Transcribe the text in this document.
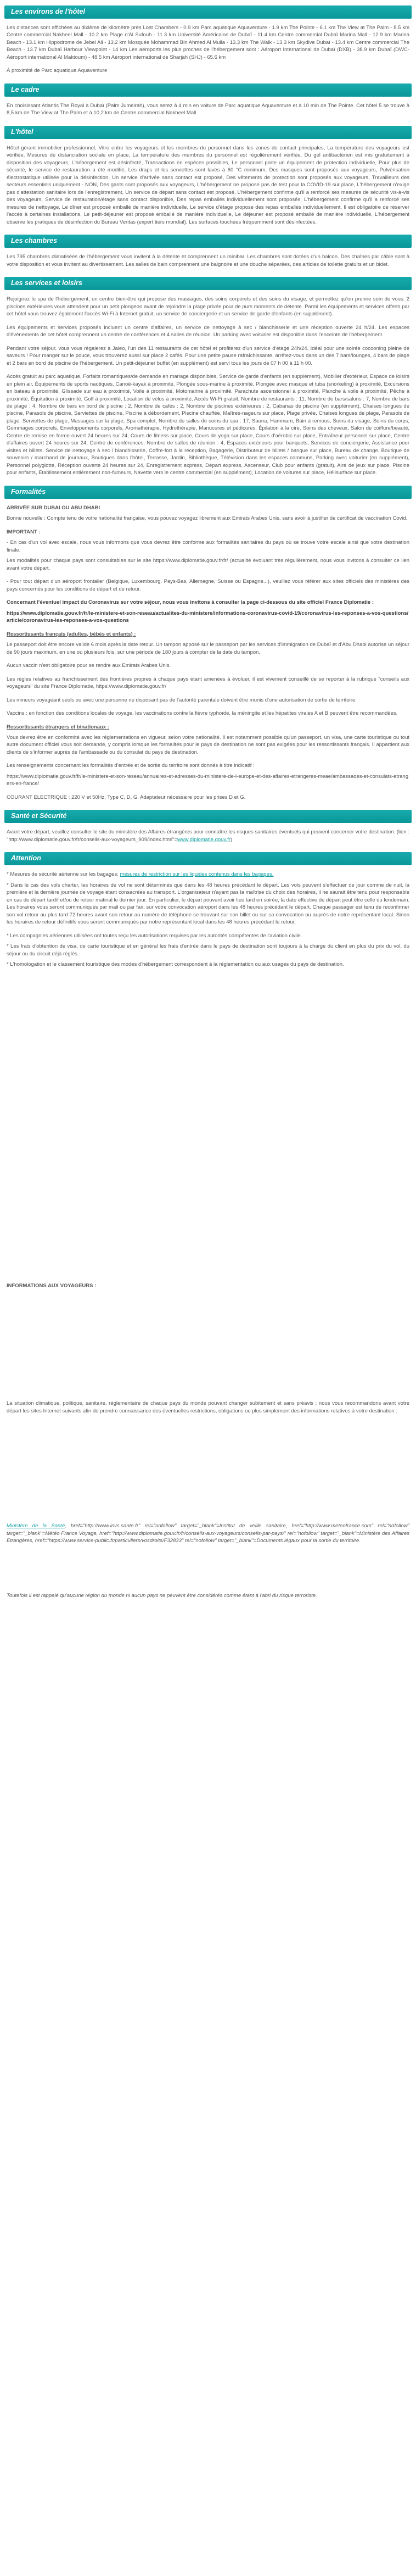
Les environs de l'hôtel

Les distances sont affichées au dixième de kilomètre près Lost Chambers - 0.9 km Parc aquatique Aquaventure - 1.9 km The Pointe - 6.1 km The View at The Palm - 8.5 km Centre commercial Nakheel Mall - 10.2 km Plage d'Al Sufouh - 11.3 km Université Américaine de Dubaï - 11.4 km Centre commercial Dubaï Marina Mall - 12.9 km Marina Beach - 13.1 km Hippodrome de Jebel Ali - 13.2 km Mosquée Mohammad Bin Ahmed Al Mulla - 13.3 km The Walk - 13.3 km Skydive Dubaï - 13.4 km Centre commercial The Beach - 13.7 km Dubaï Harbour Viewpoint - 14 km Les aéroports les plus proches de l'hébergement sont : Aéroport International de Dubaï (DXB) - 38.9 km Dubaï (DWC-Aéroport international Al Maktoum) - 48.5 km Aéroport international de Sharjah (SHJ) - 65.6 km

À proximité de Parc aquatique Aquaventure

Le cadre

En choisissant Atlantis The Royal à Dubaï (Palm Jumeirah), vous serez à 4 min en voiture de Parc aquatique Aquaventure et à 10 min de The Pointe. Cet hôtel 5 se trouve à 8,5 km de The View at The Palm et à 10,2 km de Centre commercial Nakheel Mall.

L'hôtel

Hôtel gérant immobilier professionnel, Vitre entre les voyageurs et les membres du personnel dans les zones de contact principales, La température des voyageurs est vérifiée, Mesures de distanciation sociale en place, La température des membres du personnel est régulièrement vérifiée, Du gel antibactérien est mis gratuitement à disposition des voyageurs, L'hébergement est désinfecté, Transactions en espèces possibles, Le personnel porte un équipement de protection individuelle, Pour plus de sécurité, le service de restauration a été modifié, Les draps et les serviettes sont lavés à 60 °C minimum, Des masques sont proposés aux voyageurs, Pulvérisation électrostatique utilisée pour la désinfection, Un service d'arrivée sans contact est proposé, Des vêtements de protection sont proposés aux voyageurs, Travailleurs des secteurs essentiels uniquement - NON, Des gants sont proposés aux voyageurs, L'hébergement ne propose pas de test pour la COVID-19 sur place, L'hébergement n'exige pas d'attestation sanitaire lors de l'enregistrement, Un service de départ sans contact est proposé, L'hébergement confirme qu'il a renforcé ses mesures de sécurité vis-à-vis des voyageurs, Service de restauration/étage sans contact disponible, Des repas emballés individuellement sont proposés, L'hébergement confirme qu'il a renforcé ses mesures de nettoyage, Le dîner est proposé emballé de manière individuelle, Le service d'étage propose des repas emballés individuellement, Il est obligatoire de réserver l'accès à certaines installations, Le petit-déjeuner est proposé emballé de manière individuelle, Le déjeuner est proposé emballé de manière individuelle, L'hébergement observe les pratiques de désinfection du Bureau Veritas (expert tiers mondial), Les surfaces touchées fréquemment sont désinfectées.

Les chambres

Les 795 chambres climatisées de l'hébergement vous invitent à la détente et comprennent un minibar. Les chambres sont dotées d'un balcon. Des chaînes par câble sont à votre disposition et vous invitent au divertissement. Les salles de bain comprennent une baignoire et une douche séparées, des articles de toilette gratuits et un bidet.

Les services et loisirs

Rejoignez le spa de l'hébergement, un centre bien-être qui propose des massages, des soins corporels et des soins du visage, et permettez qu'on prenne soin de vous. 2 piscines extérieures vous attendent pour un petit plongeon avant de rejoindre la plage privée pour de purs moments de détente. Parmi les équipements et services offerts par cet hôtel vous trouvez également l'accès Wi-Fi à Internet gratuit, un service de conciergerie et un service de garde d'enfants (en supplément).

Les équipements et services proposés incluent un centre d'affaires, un service de nettoyage à sec / blanchisserie et une réception ouverte 24 h/24. Les espaces d'événements de cet hôtel comprennent un centre de conférences et 4 salles de réunion. Un parking avec voiturier est disponible dans l'enceinte de l'hébergement.

Pendant votre séjour, vous vous régalerez à Jaleo, l'un des 11 restaurants de cet hôtel et profiterez d'un service d'étage 24h/24. Idéal pour une soirée cocooning pleine de saveurs ! Pour manger sur le pouce, vous trouverez aussi sur place 2 cafés. Pour une petite pause rafraîchissante, arrêtez-vous dans un des 7 bars/lounges, 4 bars de plage et 2 bars en bord de piscine de l'hébergement. Un petit-déjeuner buffet (en supplément) est servi tous les jours de 07 h 00 à 11 h 00.

Accès gratuit au parc aquatique, Forfaits romantiques/de demande en mariage disponibles, Service de garde d'enfants (en supplément), Mobilier d'extérieur, Espace de loisirs en plein air, Équipements de sports nautiques, Canoë-kayak à proximité, Plongée sous-marine à proximité, Plongée avec masque et tuba (snorkeling) à proximité, Excursions en bateau à proximité, Glissade sur eau à proximité, Voile à proximité, Motomarine à proximité, Parachute ascensionnel à proximité, Planche à voile à proximité, Pêche à proximité, Équitation à proximité, Golf à proximité, Location de vélos à proximité, Accès Wi-Fi gratuit, Nombre de restaurants : 11, Nombre de bars/salons : 7, Nombre de bars de plage : 4, Nombre de bars en bord de piscine : 2, Nombre de cafés : 2, Nombre de piscines extérieures : 2, Cabanas de piscine (en supplément), Chaises longues de piscine, Parasols de piscine, Serviettes de piscine, Piscine à débordement, Piscine chauffée, Maîtres-nageurs sur place, Plage privée, Chaises longues de plage, Parasols de plage, Serviettes de plage, Massages sur la plage, Spa complet, Nombre de salles de soins du spa : 17, Sauna, Hammam, Bain à remous, Soins du visage, Soins du corps, Gommages corporels, Enveloppements corporels, Aromathérapie, Hydrothérapie, Manucures et pédicures, Épilation à la cire, Soins des cheveux, Salon de coiffure/beauté, Centre de remise en forme ouvert 24 heures sur 24, Cours de fitness sur place, Cours de yoga sur place, Cours d'aérobic sur place, Entraîneur personnel sur place, Centre d'affaires ouvert 24 heures sur 24, Centre de conférences, Nombre de salles de réunion : 4, Espaces extérieurs pour banquets, Services de conciergerie, Assistance pour visites et billets, Service de nettoyage à sec / blanchisserie, Coffre-fort à la réception, Bagagerie, Distributeur de billets / banque sur place, Bureau de change, Boutique de souvenirs / marchand de journaux, Boutiques dans l'hôtel, Terrasse, Jardin, Bibliothèque, Télévision dans les espaces communs, Parking avec voiturier (en supplément), Personnel polyglotte, Réception ouverte 24 heures sur 24, Enregistrement express, Départ express, Ascenseur, Club pour enfants (gratuit), Aire de jeux sur place, Piscine pour enfants, Établissement entièrement non-fumeurs, Navette vers le centre commercial (en supplément), Location de voitures sur place, Hélisurface sur place.

Formalités

ARRIVÉE SUR DUBAI OU ABU DHABI

Bonne nouvelle : Compte tenu de votre nationalité française, vous pouvez voyagez librement aux Emirats Arabes Unis, sans avoir à justifier de certificat de vaccination Covid.

IMPORTANT :

- En cas d'un vol avec escale, nous vous informons que vous devrez être conforme aux formalités sanitaires du pays où se trouve votre escale ainsi que votre destination finale.

Les modalités pour chaque pays sont consultables sur le site https://www.diplomatie.gouv.fr/fr/ (actualité évoluant très régulièrement, nous vous invitons à consulter ce lien avant votre départ.

- Pour tout départ d'un aéroport frontalier (Belgique, Luxembourg, Pays-Bas, Allemagne, Suisse ou Espagne...), veuillez vous référer aux sites officiels des ministères des pays concernés pour les conditions de départ et de retour.

Concernant l'éventuel impact du Coronavirus sur votre séjour, nous vous invitons à consulter la page ci-dessous du site officiel France Diplomatie :

https://www.diplomatie.gouv.fr/fr/le-ministere-et-son-reseau/actualites-du-ministere/informations-coronavirus-covid-19/coronavirus-les-reponses-a-vos-questions/article/coronavirus-les-reponses-a-vos-questions

Ressortissants français (adultes, bébés et enfants) :

Le passeport doit être encore valide 6 mois après la date retour. Un tampon apposé sur le passeport par les services d'immigration de Dubaï et d'Abu Dhabi autorise un séjour de 90 jours maximum, en une ou plusieurs fois, sur une période de 180 jours à compter de la date du tampon.

Aucun vaccin n'est obligatoire pour se rendre aux Emirats Arabes Unis.

Les règles relatives au franchissement des frontières propres à chaque pays étant amenées à évoluer, il est vivement conseillé de se reporter à la rubrique "conseils aux voyageurs" du site France Diplomatie, https://www.diplomatie.gouv.fr/

Les mineurs voyageant seuls ou avec une personne ne disposant pas de l'autorité parentale doivent être munis d'une autorisation de sortie de territoire.

Vaccins : en fonction des conditions locales de voyage, les vaccinations contre la fièvre typhoïde, la méningite et les hépatites virales A et B peuvent être recommandées.

Ressortissants étrangers et binationaux :

Vous devrez être en conformité avec les réglementations en vigueur, selon votre nationalité. Il est notamment possible qu'un passeport, un visa, une carte touristique ou tout autre document officiel vous soit demandé, y compris lorsque les formalités pour le pays de destination ne sont pas exigées pour les ressortissants français. Il appartient aux clients de s'informer auprès de l'ambassade ou du consulat du pays de destination.

Les renseignements concernant les formalités d'entrée et de sortie du territoire sont donnés à titre indicatif :

https://www.diplomatie.gouv.fr/fr/le-ministere-et-son-reseau/annuaires-et-adresses-du-ministere-de-l-europe-et-des-affaires-etrangeres-meae/ambassades-et-consulats-etrangers-en-france/

COURANT ELECTRIQUE : 220 V et 50Hz. Type C, D, G. Adaptateur nécessaire pour les prises D et G.

Santé et Sécurité

Avant votre départ, veuillez consulter le site du ministère des Affaires étrangères pour connaître les risques sanitaires éventuels qui peuvent concerner votre destination. (lien : "http://www.diplomatie.gouv.fr/fr/conseils-aux-voyageurs_909/index.html"=www.diplomatie.gouv.fr)

Attention

* Mesures de sécurité aérienne sur les bagages: mesures de restriction sur les liquides contenus dans les bagages.

* Dans le cas des vols charter, les horaires de vol ne sont déterminés que dans les 48 heures précédant le départ. Les vols peuvent s'effectuer de jour comme de nuit, la première et la dernière journée de voyage étant consacrées au transport. L'organisateur n'ayant pas la maîtrise du choix des horaires, il ne saurait être tenu pour responsable en cas de départ tardif et/ou de retour matinal le dernier jour. En particulier, le départ pouvant avoir lieu tard en soirée, la date effective de départ peut être celle du lendemain. Les horaires vous seront communiqués par mail ou par fax, sur votre convocation aéroport dans les 48 heures précédant le départ. Chaque passager est tenu de reconfirmer son vol retour au plus tard 72 heures avant son retour au numéro de téléphone se trouvant sur son billet ou sur sa convocation ou auprès de notre représentant local. Sinon les horaires de retour définitifs vous seront communiqués par notre représentant local dans les 48 heures précédant le retour.

* Les compagnies aériennes utilisées ont toutes reçu les autorisations requises par les autorités compétentes de l'aviation civile.

* Les frais d'obtention de visa, de carte touristique et en général les frais d'entrée dans le pays de destination sont toujours à la charge du client en plus du prix du vol, du séjour ou du circuit déjà réglés.

* L'homologation et le classement touristique des modes d'hébergement correspondent à la réglementation ou aux usages du pays de destination.

INFORMATIONS AUX VOYAGEURS :

La situation climatique, politique, sanitaire, réglementaire de chaque pays du monde pouvant changer subitement et sans préavis ; nous vous recommandons avant votre départ les sites Internet suivants afin de prendre connaissance des éventuelles restrictions, obligations ou plus simplement des informations relatives à votre destination :

Ministère de la Santé, href="http://www.invs.sante.fr" rel="nofollow" target="_blank"=Institut de veille sanitaire, href="http://www.meteofrance.com" rel="nofollow" target="_blank"=Météo France Voyage, href="http://www.diplomatie.gouv.fr/fr/conseils-aux-voyageurs/conseils-par-pays/" rel="nofollow" target="_blank"=Ministère des Affaires Etrangères, href="https://www.service-public.fr/particuliers/vosdroits/F32833" rel="nofollow" target="_blank"=Documents légaux pour la sortie du territoire.

Toutefois il est rappelé qu'aucune région du monde ni aucun pays ne peuvent être considérés comme étant à l'abri du risque terroriste.
